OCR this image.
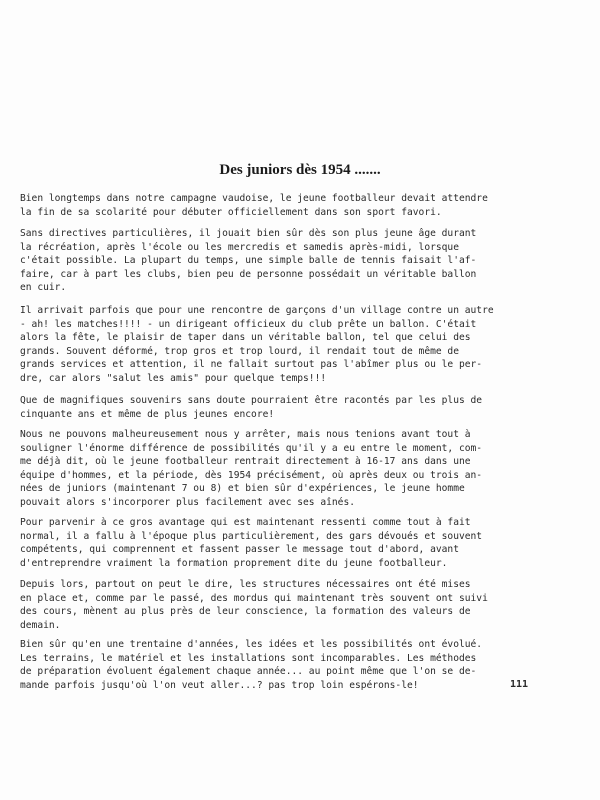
Des juniors dès 1954 .......

Bien longtemps dans notre campagne vaudoise, le jeune footballeur devait attendre
la fin de sa scolarité pour débuter officiellement dans son sport favori.

Sans directives particulières, il jouait bien sûr dès son plus jeune âge durant
la récréation, après l'école ou les mercredis et samedis après-midi, lorsque
c'était possible. La plupart du temps, une simple balle de tennis faisait l'af-
faire, car à part les clubs, bien peu de personne possédait un véritable ballon
en cuir.

Il arrivait parfois que pour une rencontre de garçons d'un village contre un autre
- ah! les matches!!!! - un dirigeant officieux du club prête un ballon. C'était
alors la fête, le plaisir de taper dans un véritable ballon, tel que celui des
grands. Souvent déformé, trop gros et trop lourd, il rendait tout de même de
grands services et attention, il ne fallait surtout pas l'abîmer plus ou le per-
dre, car alors "salut les amis" pour quelque temps!!!

Que de magnifiques souvenirs sans doute pourraient être racontés par les plus de
cinquante ans et même de plus jeunes encore!

Nous ne pouvons malheureusement nous y arrêter, mais nous tenions avant tout à
souligner l'énorme différence de possibilités qu'il y a eu entre le moment, com-
me déjà dit, où le jeune footballeur rentrait directement à 16-17 ans dans une
équipe d'hommes, et la période, dès 1954 précisément, où après deux ou trois an-
nées de juniors (maintenant 7 ou 8) et bien sûr d'expériences, le jeune homme
pouvait alors s'incorporer plus facilement avec ses aînés.

Pour parvenir à ce gros avantage qui est maintenant ressenti comme tout à fait
normal, il a fallu à l'époque plus particulièrement, des gars dévoués et souvent
compétents, qui comprennent et fassent passer le message tout d'abord, avant
d'entreprendre vraiment la formation proprement dite du jeune footballeur.

Depuis lors, partout on peut le dire, les structures nécessaires ont été mises
en place et, comme par le passé, des mordus qui maintenant très souvent ont suivi
des cours, mènent au plus près de leur conscience, la formation des valeurs de
demain.

Bien sûr qu'en une trentaine d'années, les idées et les possibilités ont évolué.
Les terrains, le matériel et les installations sont incomparables. Les méthodes
de préparation évoluent également chaque année... au point même que l'on se de-
mande parfois jusqu'où l'on veut aller...? pas trop loin espérons-le!	111
